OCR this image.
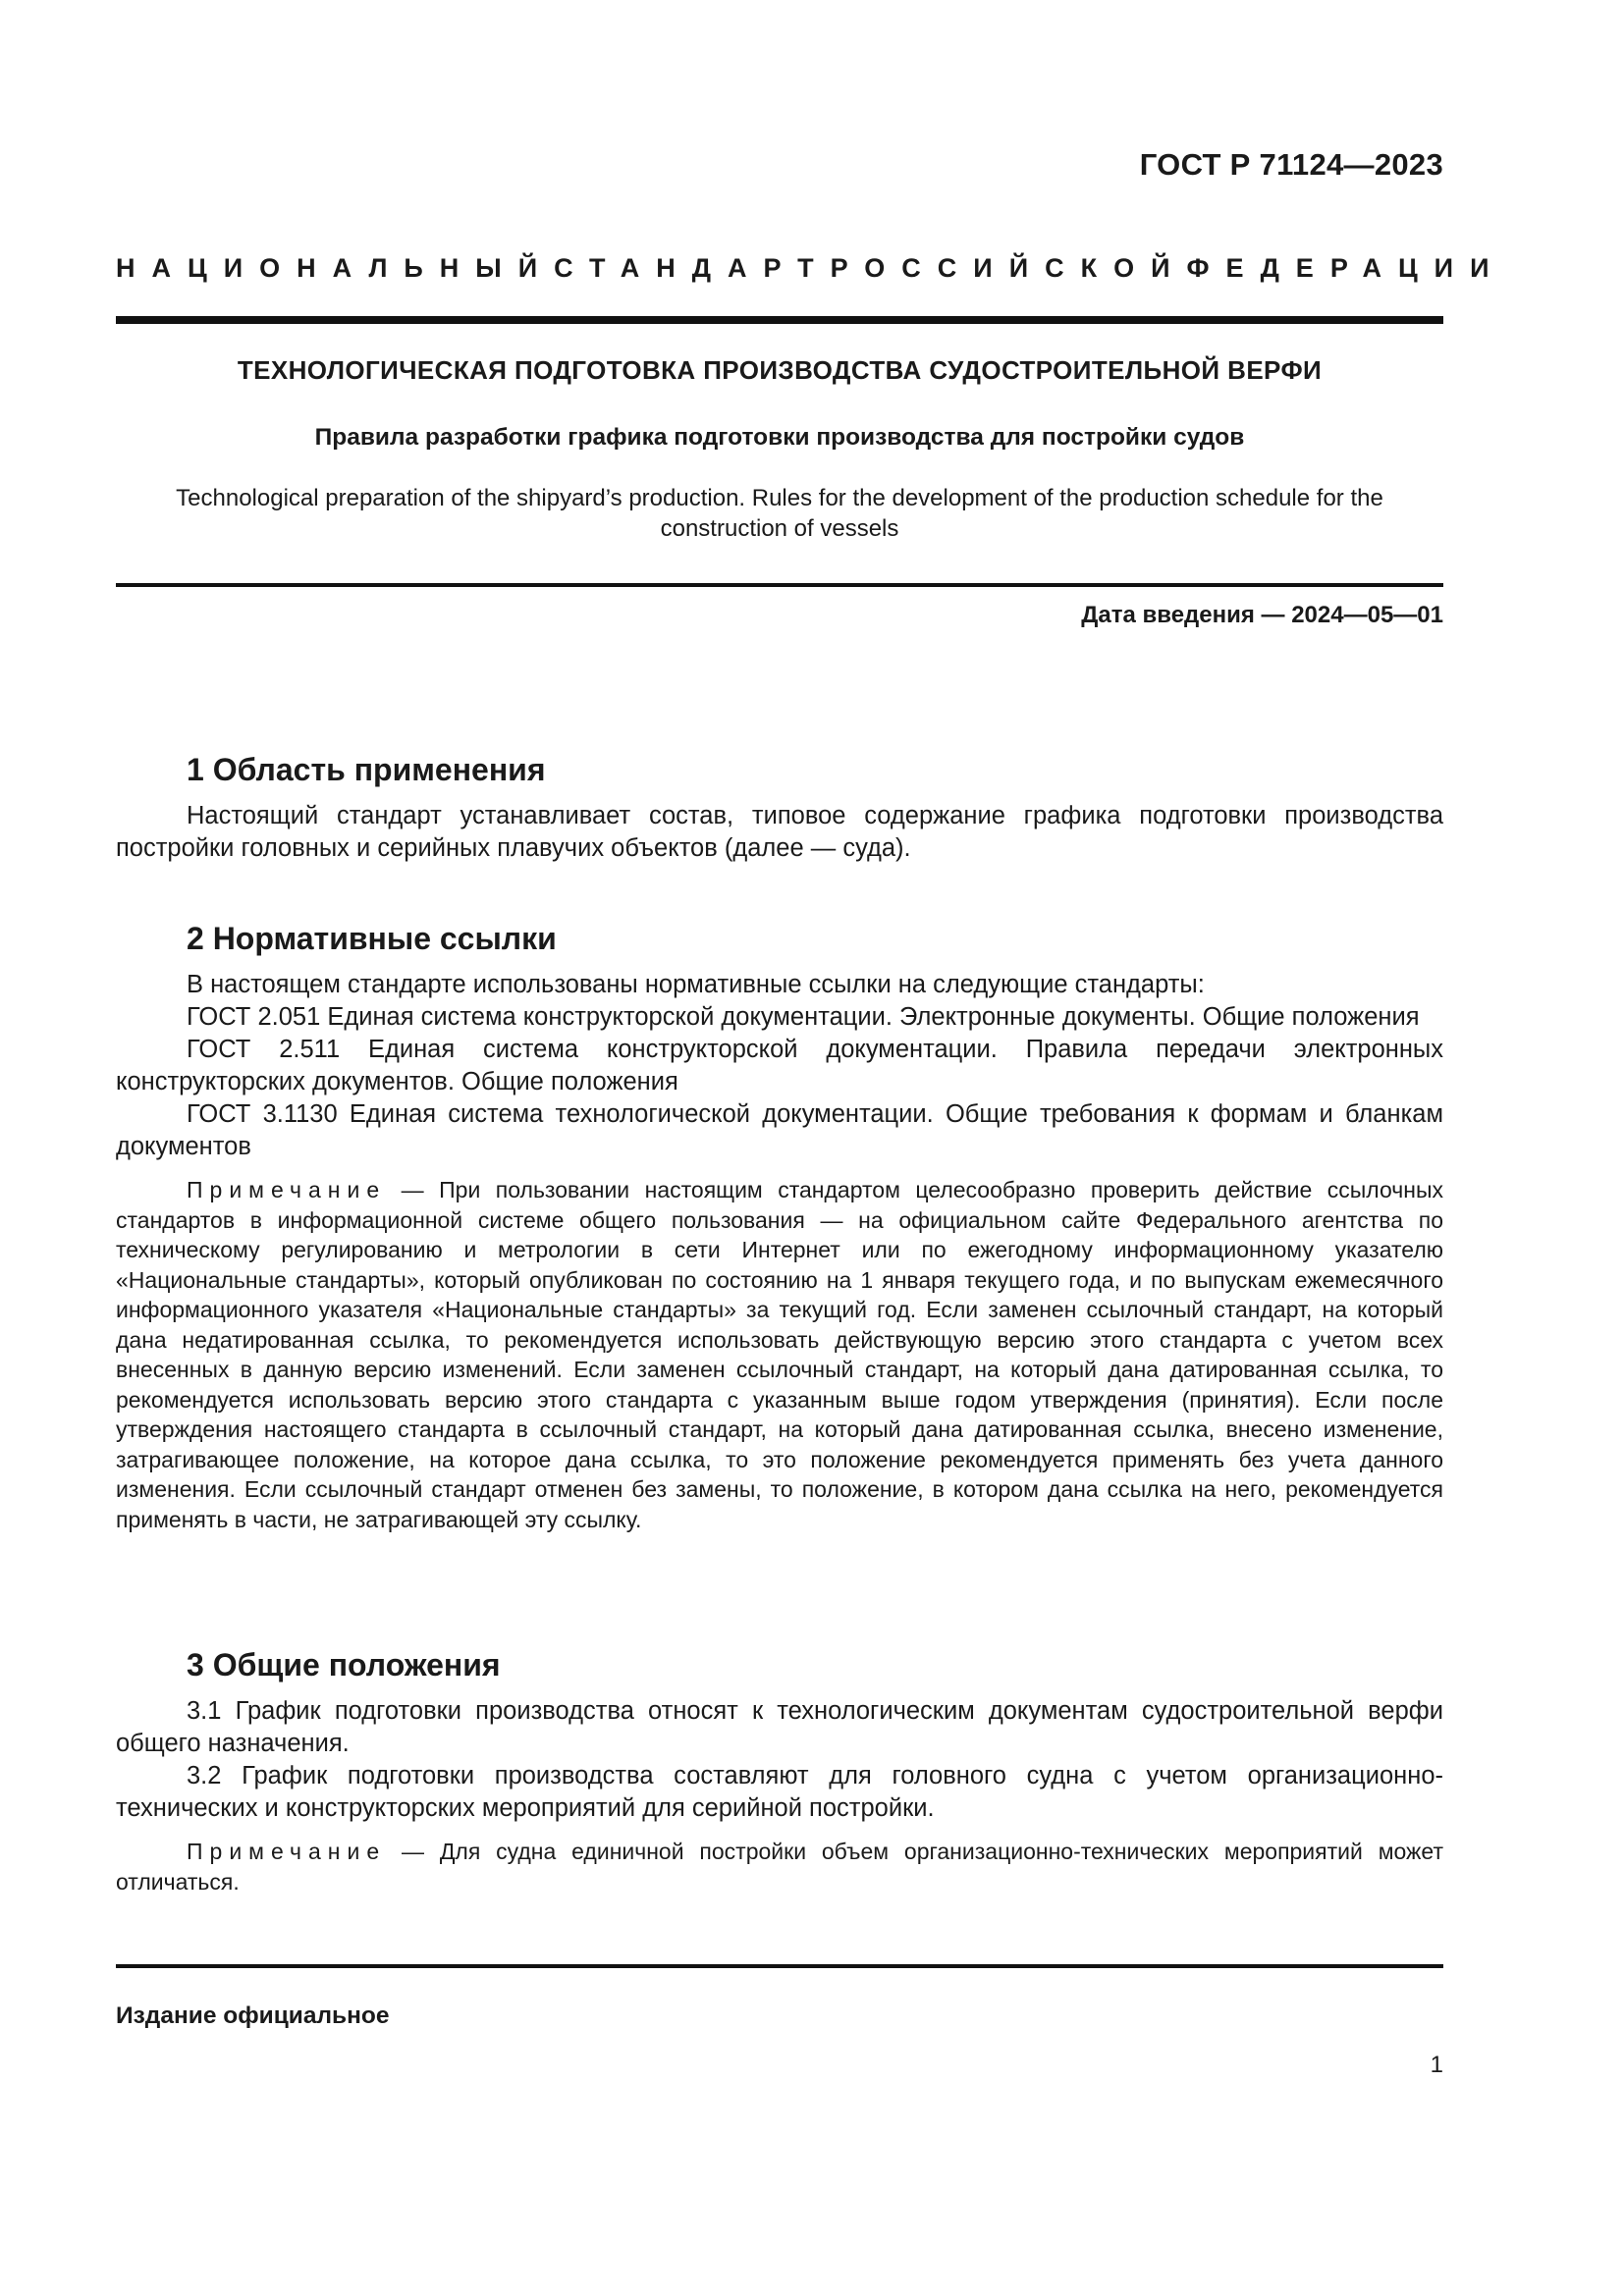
ГОСТ Р 71124—2023
НАЦИОНАЛЬНЫЙ СТАНДАРТ РОССИЙСКОЙ ФЕДЕРАЦИИ
ТЕХНОЛОГИЧЕСКАЯ ПОДГОТОВКА ПРОИЗВОДСТВА СУДОСТРОИТЕЛЬНОЙ ВЕРФИ
Правила разработки графика подготовки производства для постройки судов
Technological preparation of the shipyard’s production. Rules for the development of the production schedule for the construction of vessels
Дата введения — 2024—05—01
1 Область применения

Настоящий стандарт устанавливает состав, типовое содержание графика подготовки производства постройки головных и серийных плавучих объектов (далее — суда).

2 Нормативные ссылки

В настоящем стандарте использованы нормативные ссылки на следующие стандарты:

ГОСТ 2.051 Единая система конструкторской документации. Электронные документы. Общие положения

ГОСТ 2.511 Единая система конструкторской документации. Правила передачи электронных конструкторских документов. Общие положения

ГОСТ 3.1130 Единая система технологической документации. Общие требования к формам и бланкам документов

Примечание — При пользовании настоящим стандартом целесообразно проверить действие ссылочных стандартов в информационной системе общего пользования — на официальном сайте Федерального агентства по техническому регулированию и метрологии в сети Интернет или по ежегодному информационному указателю «Национальные стандарты», который опубликован по состоянию на 1 января текущего года, и по выпускам ежемесячного информационного указателя «Национальные стандарты» за текущий год. Если заменен ссылочный стандарт, на который дана недатированная ссылка, то рекомендуется использовать действующую версию этого стандарта с учетом всех внесенных в данную версию изменений. Если заменен ссылочный стандарт, на который дана датированная ссылка, то рекомендуется использовать версию этого стандарта с указанным выше годом утверждения (принятия). Если после утверждения настоящего стандарта в ссылочный стандарт, на который дана датированная ссылка, внесено изменение, затрагивающее положение, на которое дана ссылка, то это положение рекомендуется применять без учета данного изменения. Если ссылочный стандарт отменен без замены, то положение, в котором дана ссылка на него, рекомендуется применять в части, не затрагивающей эту ссылку.

3 Общие положения

3.1 График подготовки производства относят к технологическим документам судостроительной верфи общего назначения.

3.2 График подготовки производства составляют для головного судна с учетом организационно-технических и конструкторских мероприятий для серийной постройки.

Примечание — Для судна единичной постройки объем организационно-технических мероприятий может отличаться.

Издание официальное
1
